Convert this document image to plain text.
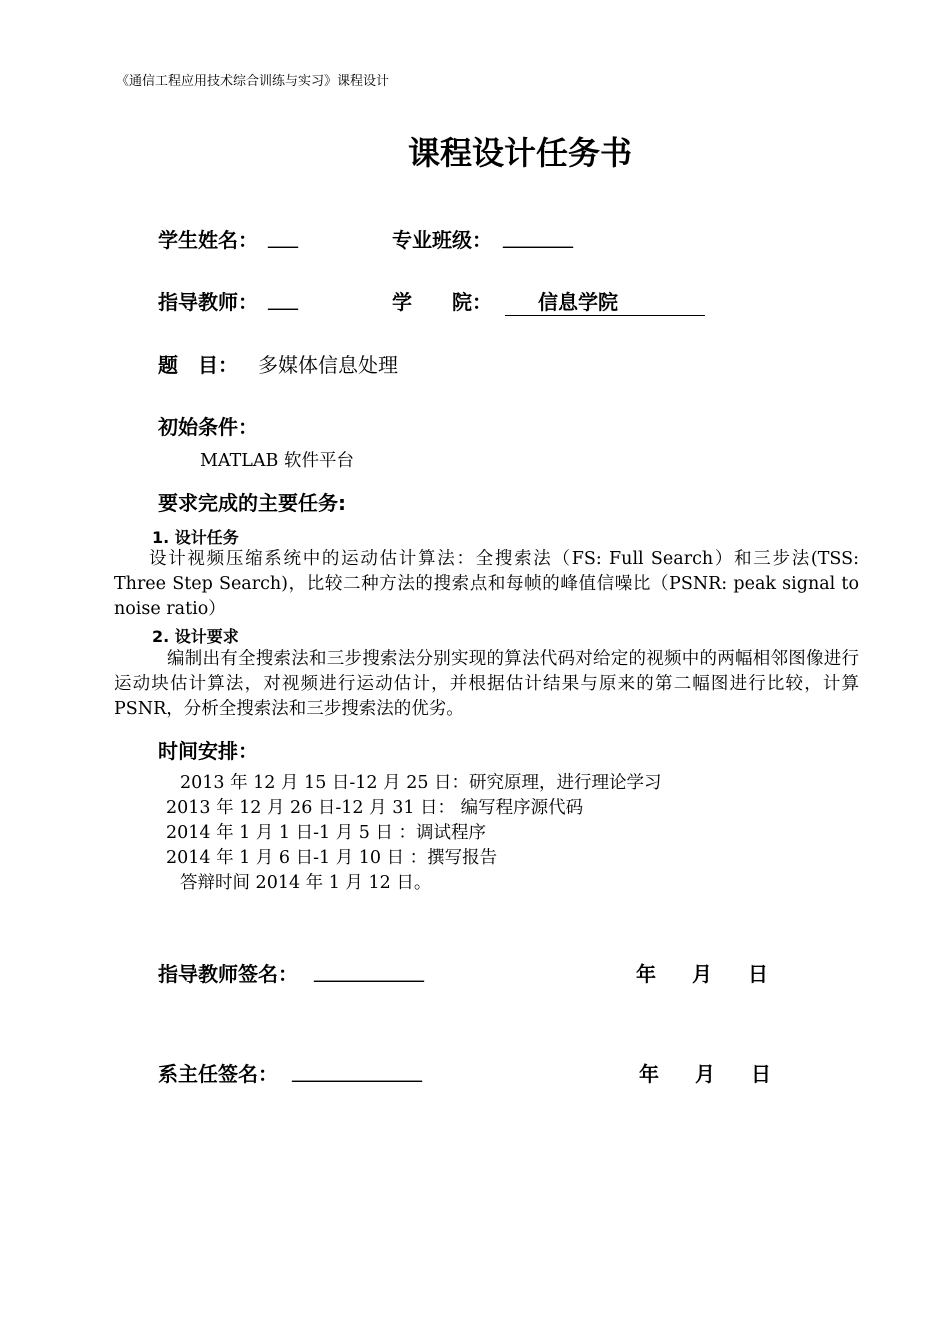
《通信工程应用技术综合训练与实习》课程设计
课程设计任务书
学生姓名： ___	专业班级： _______
指导教师： ___	学　　院：	信息学院
题　目： 多媒体信息处理
初始条件：
MATLAB 软件平台
要求完成的主要任务:
1. 设计任务
设计视频压缩系统中的运动估计算法：全搜索法（FS: Full Search）和三步法(TSS: Three Step Search)，比较二种方法的搜索点和每帧的峰值信噪比（PSNR: peak signal to noise ratio）
2. 设计要求
编制出有全搜索法和三步搜索法分别实现的算法代码对给定的视频中的两幅相邻图像进行运动块估计算法，对视频进行运动估计，并根据估计结果与原来的第二幅图进行比较，计算 PSNR，分析全搜索法和三步搜索法的优劣。
时间安排：
2013 年 12 月 15 日-12 月 25 日：研究原理，进行理论学习
2013 年 12 月 26 日-12 月 31 日： 编写程序源代码
2014 年 1 月 1 日-1 月 5 日 ：调试程序
2014 年 1 月 6 日-1 月 10 日 ：撰写报告
答辩时间 2014 年 1 月 12 日。
指导教师签名： ___________	年 月 日
系主任签名： _____________	年 月 日
